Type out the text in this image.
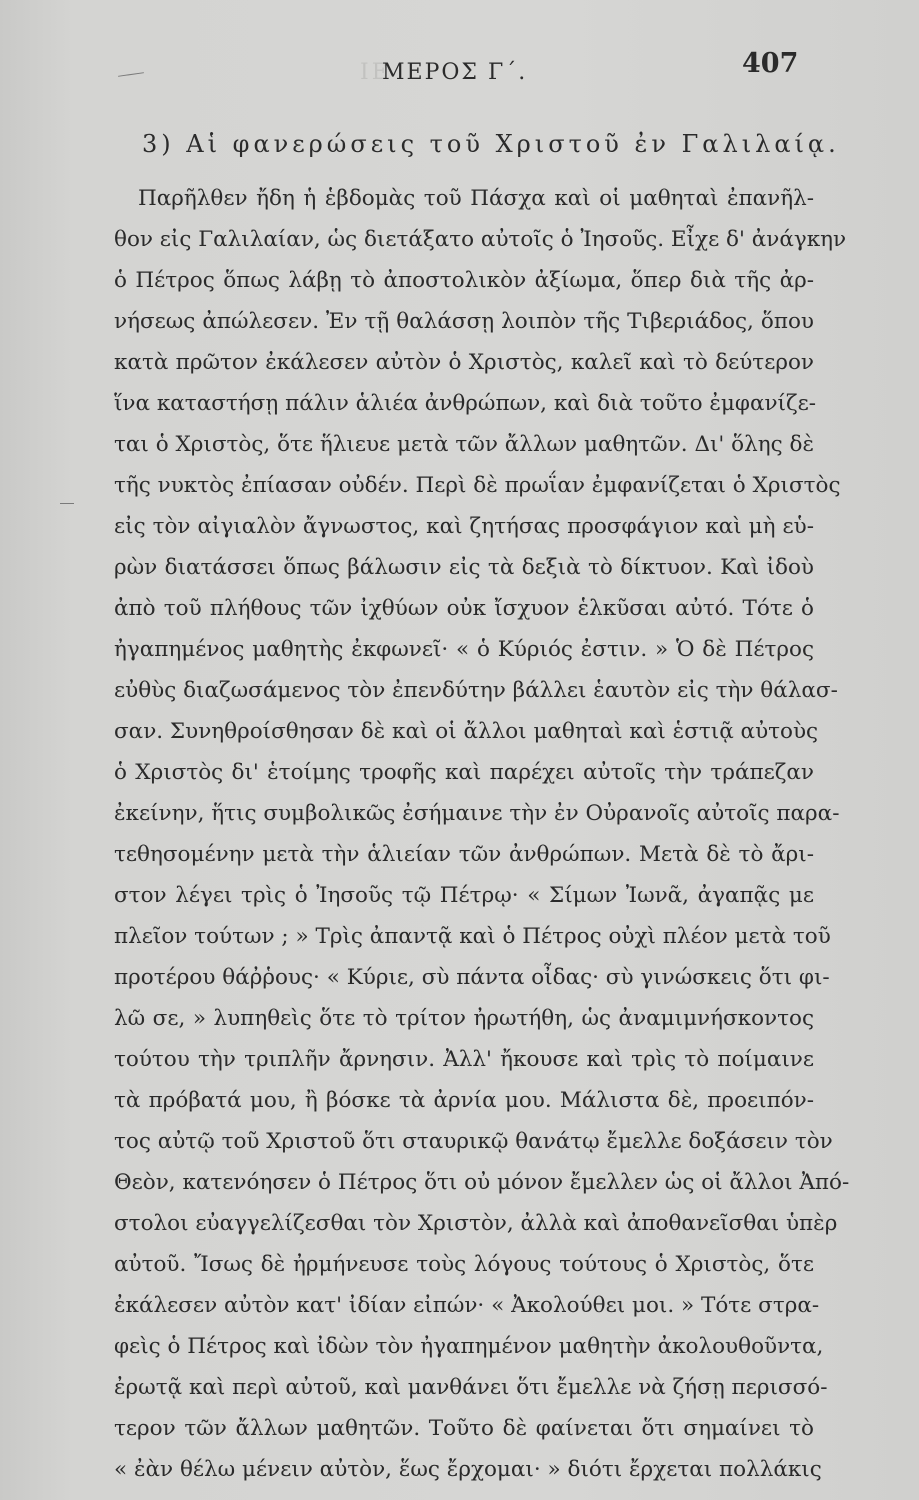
ΙΕ
ΜΕΡΟΣ Γ΄.	407
3) Αἱ φανερώσεις τοῦ Χριστοῦ ἐν Γαλιλαίᾳ.
Παρῆλθεν ἤδη ἡ ἑβδομὰς τοῦ Πάσχα καὶ οἱ μαθηταὶ ἐπανῆλ-
θον εἰς Γαλιλαίαν, ὡς διετάξατο αὐτοῖς ὁ Ἰησοῦς. Εἶχε δ' ἀνάγκην
ὁ Πέτρος ὅπως λάβῃ τὸ ἀποστολικὸν ἀξίωμα, ὅπερ διὰ τῆς ἀρ-
νήσεως ἀπώλεσεν. Ἐν τῇ θαλάσσῃ λοιπὸν τῆς Τιβεριάδος, ὅπου
κατὰ πρῶτον ἐκάλεσεν αὐτὸν ὁ Χριστὸς, καλεῖ καὶ τὸ δεύτερον
ἵνα καταστήσῃ πάλιν ἁλιέα ἀνθρώπων, καὶ διὰ τοῦτο ἐμφανίζε-
ται ὁ Χριστὸς, ὅτε ἥλιευε μετὰ τῶν ἄλλων μαθητῶν. Δι' ὅλης δὲ
τῆς νυκτὸς ἐπίασαν οὐδέν. Περὶ δὲ πρωΐαν ἐμφανίζεται ὁ Χριστὸς
εἰς τὸν αἰγιαλὸν ἄγνωστος, καὶ ζητήσας προσφάγιον καὶ μὴ εὑ-
ρὼν διατάσσει ὅπως βάλωσιν εἰς τὰ δεξιὰ τὸ δίκτυον. Καὶ ἰδοὺ
ἀπὸ τοῦ πλήθους τῶν ἰχθύων οὐκ ἴσχυον ἑλκῦσαι αὐτό. Τότε ὁ
ἠγαπημένος μαθητὴς ἐκφωνεῖ· « ὁ Κύριός ἐστιν. » Ὁ δὲ Πέτρος
εὐθὺς διαζωσάμενος τὸν ἐπενδύτην βάλλει ἑαυτὸν εἰς τὴν θάλασ-
σαν. Συνηθροίσθησαν δὲ καὶ οἱ ἄλλοι μαθηταὶ καὶ ἑστιᾷ αὐτοὺς
ὁ Χριστὸς δι' ἑτοίμης τροφῆς καὶ παρέχει αὐτοῖς τὴν τράπεζαν
ἐκείνην, ἥτις συμβολικῶς ἐσήμαινε τὴν ἐν Οὐρανοῖς αὐτοῖς παρα-
τεθησομένην μετὰ τὴν ἁλιείαν τῶν ἀνθρώπων. Μετὰ δὲ τὸ ἄρι-
στον λέγει τρὶς ὁ Ἰησοῦς τῷ Πέτρῳ· « Σίμων Ἰωνᾶ, ἀγαπᾷς με
πλεῖον τούτων ; » Τρὶς ἀπαντᾷ καὶ ὁ Πέτρος οὐχὶ πλέον μετὰ τοῦ
προτέρου θάῤῥους· « Κύριε, σὺ πάντα οἶδας· σὺ γινώσκεις ὅτι φι-
λῶ σε, » λυπηθεὶς ὅτε τὸ τρίτον ἠρωτήθη, ὡς ἀναμιμνήσκοντος
τούτου τὴν τριπλῆν ἄρνησιν. Ἀλλ' ἤκουσε καὶ τρὶς τὸ ποίμαινε
τὰ πρόβατά μου, ἢ βόσκε τὰ ἀρνία μου. Μάλιστα δὲ, προειπόν-
τος αὐτῷ τοῦ Χριστοῦ ὅτι σταυρικῷ θανάτῳ ἔμελλε δοξάσειν τὸν
Θεὸν, κατενόησεν ὁ Πέτρος ὅτι οὐ μόνον ἔμελλεν ὡς οἱ ἄλλοι Ἀπό-
στολοι εὐαγγελίζεσθαι τὸν Χριστὸν, ἀλλὰ καὶ ἀποθανεῖσθαι ὑπὲρ
αὐτοῦ. Ἴσως δὲ ἠρμήνευσε τοὺς λόγους τούτους ὁ Χριστὸς, ὅτε
ἐκάλεσεν αὐτὸν κατ' ἰδίαν εἰπών· « Ἀκολούθει μοι. » Τότε στρα-
φεὶς ὁ Πέτρος καὶ ἰδὼν τὸν ἠγαπημένον μαθητὴν ἀκολουθοῦντα,
ἐρωτᾷ καὶ περὶ αὐτοῦ, καὶ μανθάνει ὅτι ἔμελλε νὰ ζήσῃ περισσό-
τερον τῶν ἄλλων μαθητῶν. Τοῦτο δὲ φαίνεται ὅτι σημαίνει τὸ
« ἐὰν θέλω μένειν αὐτὸν, ἕως ἔρχομαι· » διότι ἔρχεται πολλάκις
